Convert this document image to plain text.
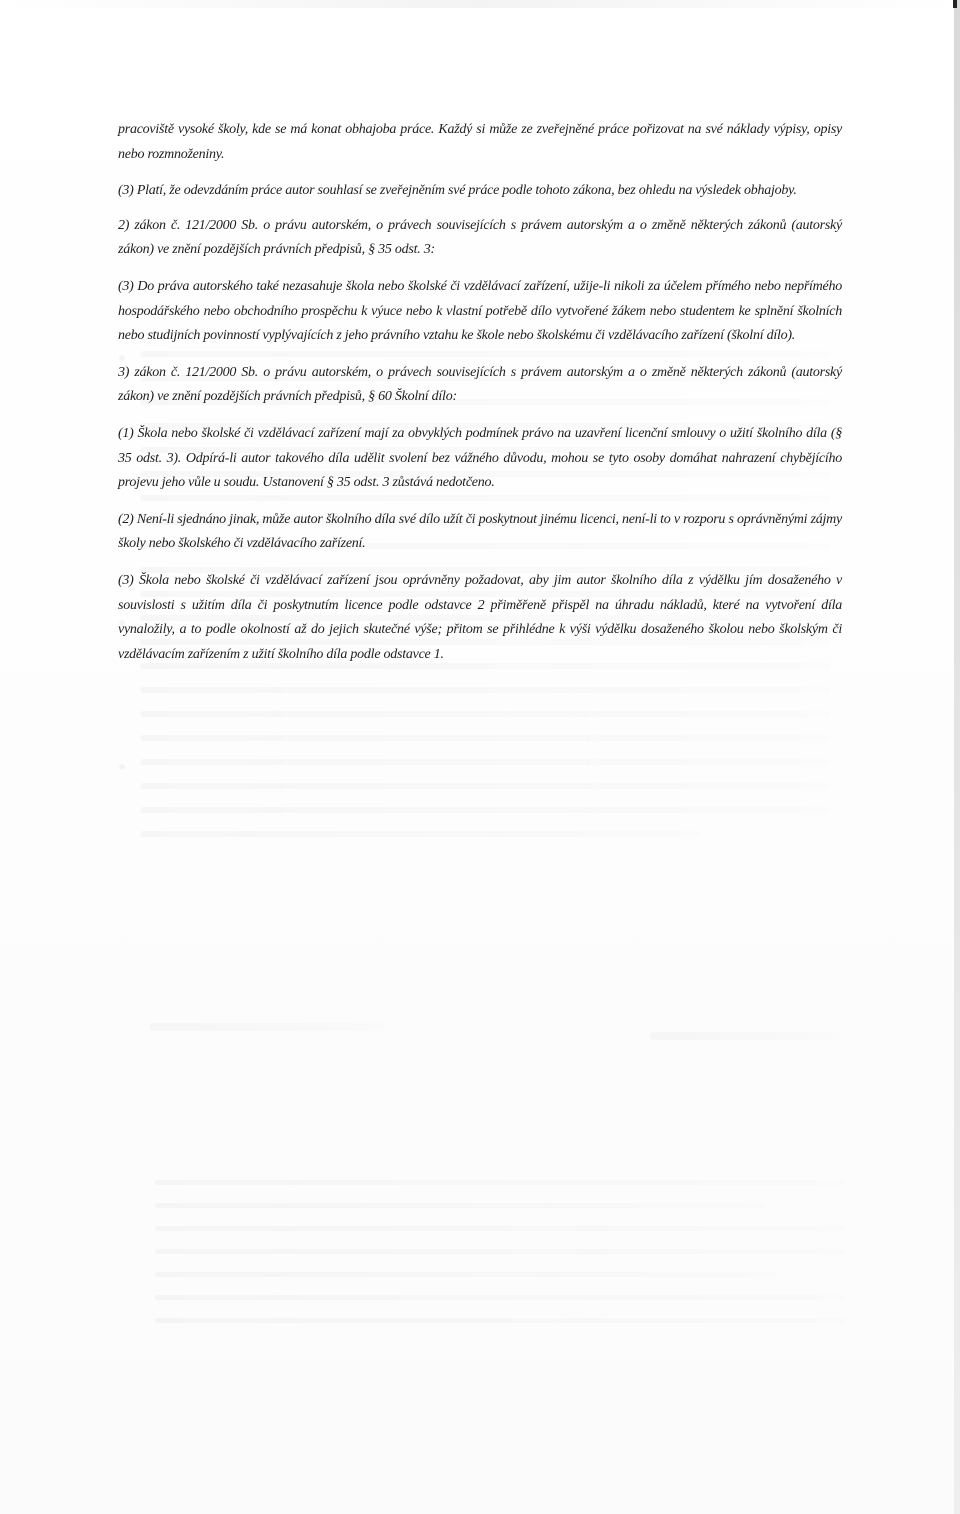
pracoviště vysoké školy, kde se má konat obhajoba práce. Každý si může ze zveřejněné práce pořizovat na své náklady výpisy, opisy nebo rozmnoženiny.

(3) Platí, že odevzdáním práce autor souhlasí se zveřejněním své práce podle tohoto zákona, bez ohledu na výsledek obhajoby.

2) zákon č. 121/2000 Sb. o právu autorském, o právech souvisejících s právem autorským a o změně některých zákonů (autorský zákon) ve znění pozdějších právních předpisů, § 35 odst. 3:

(3) Do práva autorského také nezasahuje škola nebo školské či vzdělávací zařízení, užije-li nikoli za účelem přímého nebo nepřímého hospodářského nebo obchodního prospěchu k výuce nebo k vlastní potřebě dílo vytvořené žákem nebo studentem ke splnění školních nebo studijních povinností vyplývajících z jeho právního vztahu ke škole nebo školskému či vzdělávacího zařízení (školní dílo).

3) zákon č. 121/2000 Sb. o právu autorském, o právech souvisejících s právem autorským a o změně některých zákonů (autorský zákon) ve znění pozdějších právních předpisů, § 60 Školní dílo:

(1) Škola nebo školské či vzdělávací zařízení mají za obvyklých podmínek právo na uzavření licenční smlouvy o užití školního díla (§ 35 odst. 3). Odpírá-li autor takového díla udělit svolení bez vážného důvodu, mohou se tyto osoby domáhat nahrazení chybějícího projevu jeho vůle u soudu. Ustanovení § 35 odst. 3 zůstává nedotčeno.

(2) Není-li sjednáno jinak, může autor školního díla své dílo užít či poskytnout jinému licenci, není-li to v rozporu s oprávněnými zájmy školy nebo školského či vzdělávacího zařízení.

(3) Škola nebo školské či vzdělávací zařízení jsou oprávněny požadovat, aby jim autor školního díla z výdělku jím dosaženého v souvislosti s užitím díla či poskytnutím licence podle odstavce 2 přiměřeně přispěl na úhradu nákladů, které na vytvoření díla vynaložily, a to podle okolností až do jejich skutečné výše; přitom se přihlédne k výši výdělku dosaženého školou nebo školským či vzdělávacím zařízením z užití školního díla podle odstavce 1.
